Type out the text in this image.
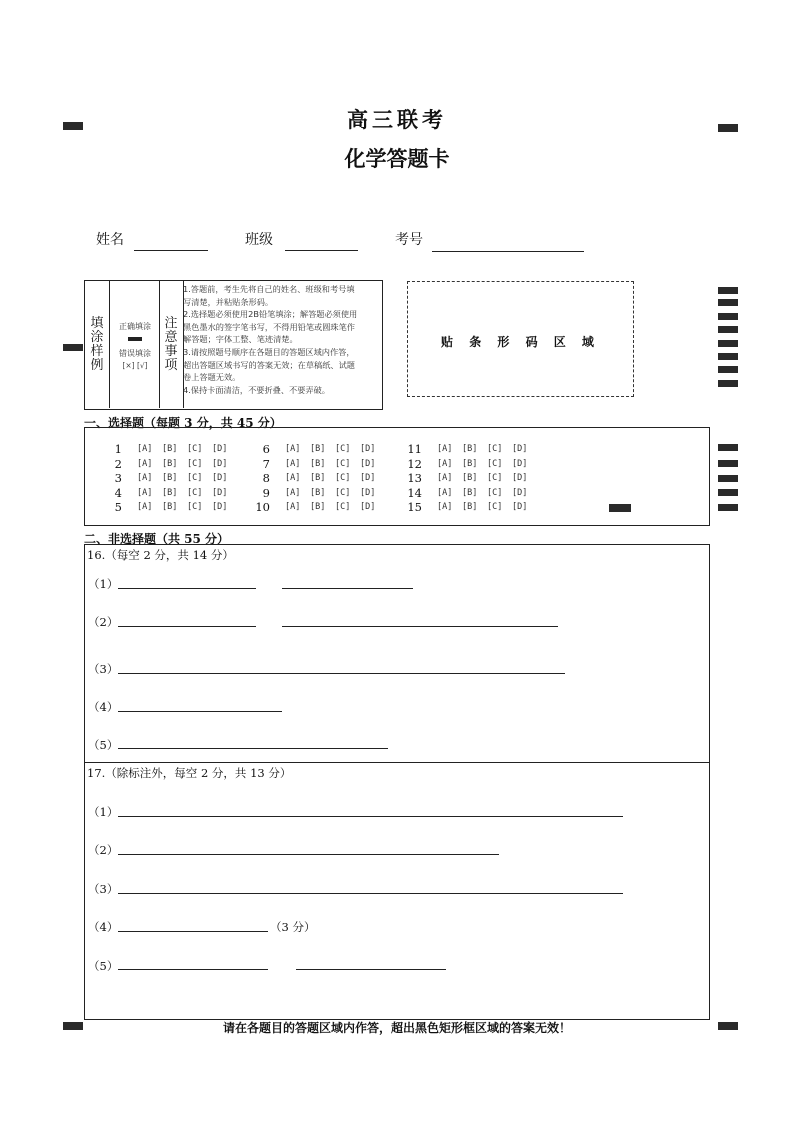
高三联考
化学答题卡
姓名	班级	考号
填
涂
样
例
正确填涂
错误填涂
[×] [√]
注
意
事
项
1.答题前，考生先将自己的姓名、班级和考号填
写清楚，并粘贴条形码。
2.选择题必须使用2B铅笔填涂；解答题必须使用
黑色墨水的签字笔书写，不得用铅笔或圆珠笔作
解答题；字体工整、笔迹清楚。
3.请按照题号顺序在各题目的答题区域内作答，
超出答题区域书写的答案无效；在草稿纸、试题
卷上答题无效。
4.保持卡面清洁，不要折叠、不要弄破。
贴 条 形 码 区 域
一、选择题（每题 3 分，共 45 分）
1 [A] [B] [C] [D]
2 [A] [B] [C] [D]
3 [A] [B] [C] [D]
4 [A] [B] [C] [D]
5 [A] [B] [C] [D]
6 [A] [B] [C] [D]
7 [A] [B] [C] [D]
8 [A] [B] [C] [D]
9 [A] [B] [C] [D]
10 [A] [B] [C] [D]
11 [A] [B] [C] [D]
12 [A] [B] [C] [D]
13 [A] [B] [C] [D]
14 [A] [B] [C] [D]
15 [A] [B] [C] [D]
二、非选择题（共 55 分）
16.（每空 2 分，共 14 分）
（1）
（2）
（3）
（4）
（5）
17.（除标注外，每空 2 分，共 13 分）
（1）
（2）
（3）
（4）	（3 分）
（5）
请在各题目的答题区域内作答，超出黑色矩形框区域的答案无效！
